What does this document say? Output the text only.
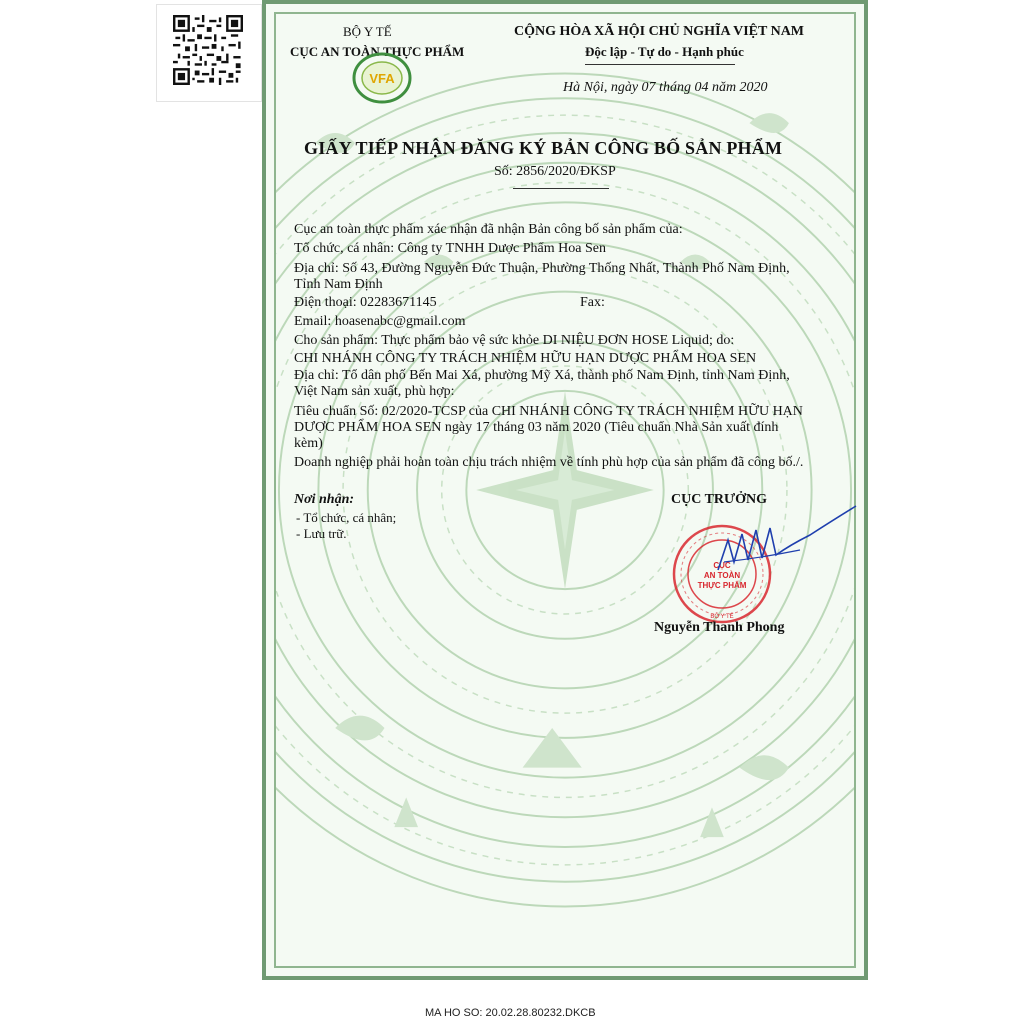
BỘ Y TẾ
CỤC AN TOÀN THỰC PHẨM
VFA
CỘNG HÒA XÃ HỘI CHỦ NGHĨA VIỆT NAM
Độc lập - Tự do - Hạnh phúc
Hà Nội, ngày 07 tháng 04 năm 2020
GIẤY TIẾP NHẬN ĐĂNG KÝ BẢN CÔNG BỐ SẢN PHẨM
Số: 2856/2020/ĐKSP
Cục an toàn thực phẩm xác nhận đã nhận Bản công bố sản phẩm của:
Tổ chức, cá nhân: Công ty TNHH Dược Phẩm Hoa Sen
Địa chỉ: Số 43, Đường Nguyễn Đức Thuận, Phường Thống Nhất, Thành Phố Nam Định,
Tỉnh Nam Định
Điện thoại: 02283671145	Fax:
Email: hoasenabc@gmail.com
Cho sản phẩm: Thực phẩm bảo vệ sức khỏe DI NIỆU ĐƠN HOSE Liquid; do:
CHI NHÁNH CÔNG TY TRÁCH NHIỆM HỮU HẠN DƯỢC PHẨM HOA SEN
Địa chỉ: Tổ dân phố Bến Mai Xá, phường Mỹ Xá, thành phố Nam Định, tỉnh Nam Định,
Việt Nam sản xuất, phù hợp:
Tiêu chuẩn Số: 02/2020-TCSP của CHI NHÁNH CÔNG TY TRÁCH NHIỆM HỮU HẠN
DƯỢC PHẨM HOA SEN ngày 17 tháng 03 năm 2020 (Tiêu chuẩn Nhà Sản xuất đính
kèm)
Doanh nghiệp phải hoàn toàn chịu trách nhiệm về tính phù hợp của sản phẩm đã công bố./.
Nơi nhận:
- Tổ chức, cá nhân;
- Lưu trữ.
CỤC TRƯỞNG
CỤC
AN TOÀN
THỰC PHẨM
BỘ Y TẾ
Nguyễn Thanh Phong
MA HO SO: 20.02.28.80232.DKCB
